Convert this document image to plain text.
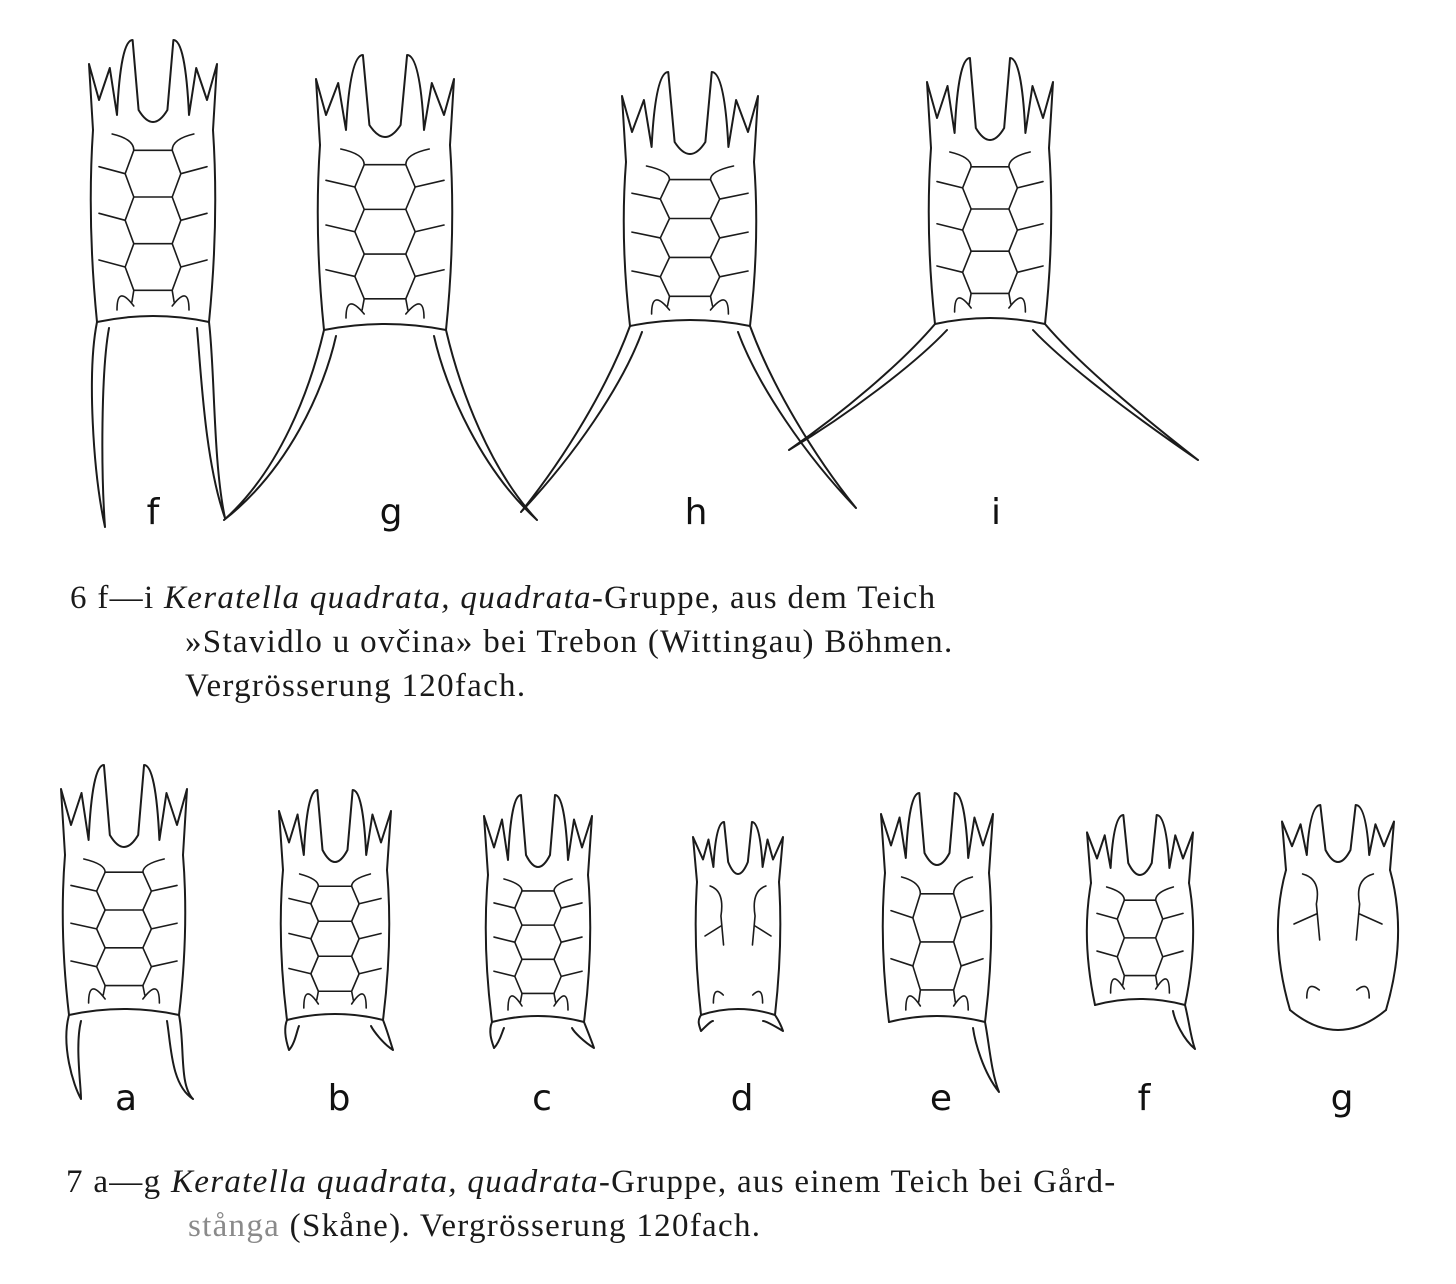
f	g	h	i
a	b	c	d	e	f	g
6 f—i Keratella quadrata, quadrata-Gruppe, aus dem Teich
»Stavidlo u ovčina» bei Trebon (Wittingau) Böhmen.
Vergrösserung 120fach.
7 a—g Keratella quadrata, quadrata-Gruppe, aus einem Teich bei Gård-
stånga (Skåne). Vergrösserung 120fach.
